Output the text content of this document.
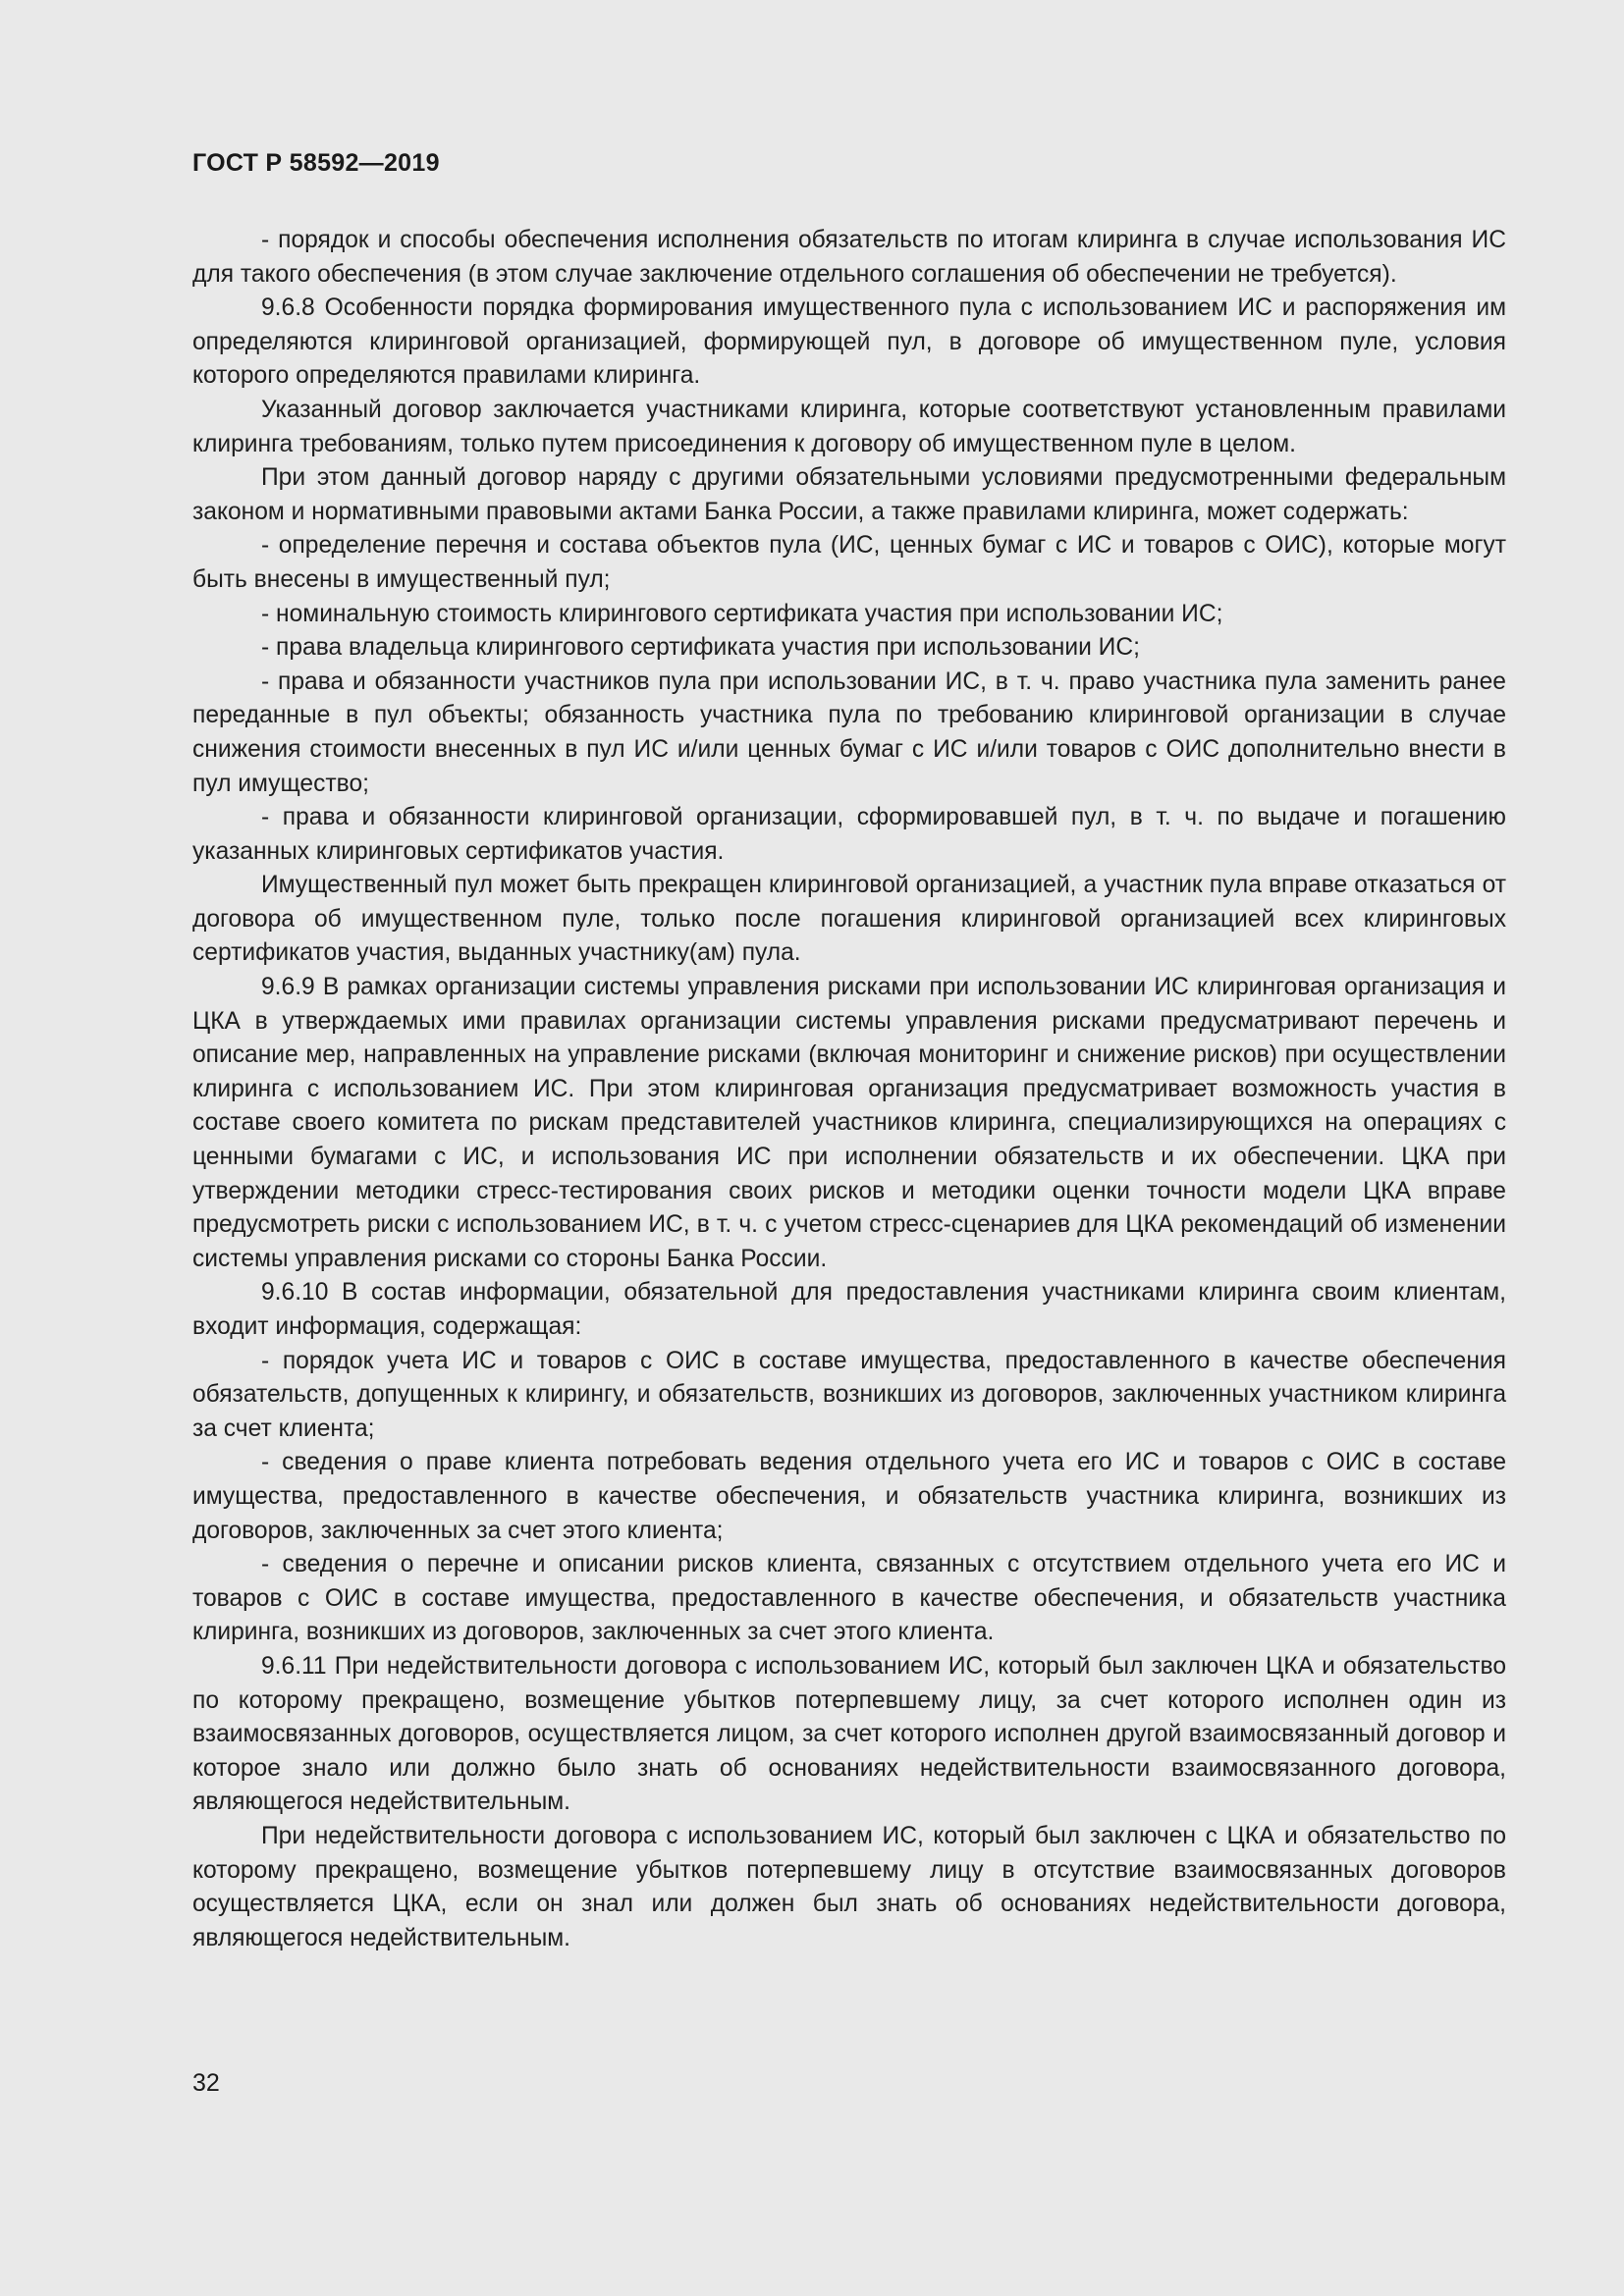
ГОСТ Р 58592—2019

- порядок и способы обеспечения исполнения обязательств по итогам клиринга в случае использования ИС для такого обеспечения (в этом случае заключение отдельного соглашения об обеспечении не требуется).

9.6.8 Особенности порядка формирования имущественного пула с использованием ИС и распоряжения им определяются клиринговой организацией, формирующей пул, в договоре об имущественном пуле, условия которого определяются правилами клиринга.

Указанный договор заключается участниками клиринга, которые соответствуют установленным правилами клиринга требованиям, только путем присоединения к договору об имущественном пуле в целом.

При этом данный договор наряду с другими обязательными условиями предусмотренными федеральным законом и нормативными правовыми актами Банка России, а также правилами клиринга, может содержать:

- определение перечня и состава объектов пула (ИС, ценных бумаг с ИС и товаров с ОИС), которые могут быть внесены в имущественный пул;

- номинальную стоимость клирингового сертификата участия при использовании ИС;

- права владельца клирингового сертификата участия при использовании ИС;

- права и обязанности участников пула при использовании ИС, в т. ч. право участника пула заменить ранее переданные в пул объекты; обязанность участника пула по требованию клиринговой организации в случае снижения стоимости внесенных в пул ИС и/или ценных бумаг с ИС и/или товаров с ОИС дополнительно внести в пул имущество;

- права и обязанности клиринговой организации, сформировавшей пул, в т. ч. по выдаче и погашению указанных клиринговых сертификатов участия.

Имущественный пул может быть прекращен клиринговой организацией, а участник пула вправе отказаться от договора об имущественном пуле, только после погашения клиринговой организацией всех клиринговых сертификатов участия, выданных участнику(ам) пула.

9.6.9 В рамках организации системы управления рисками при использовании ИС клиринговая организация и ЦКА в утверждаемых ими правилах организации системы управления рисками предусматривают перечень и описание мер, направленных на управление рисками (включая мониторинг и снижение рисков) при осуществлении клиринга с использованием ИС. При этом клиринговая организация предусматривает возможность участия в составе своего комитета по рискам представителей участников клиринга, специализирующихся на операциях с ценными бумагами с ИС, и использования ИС при исполнении обязательств и их обеспечении. ЦКА при утверждении методики стресс-тестирования своих рисков и методики оценки точности модели ЦКА вправе предусмотреть риски с использованием ИС, в т. ч. с учетом стресс-сценариев для ЦКА рекомендаций об изменении системы управления рисками со стороны Банка России.

9.6.10 В состав информации, обязательной для предоставления участниками клиринга своим клиентам, входит информация, содержащая:

- порядок учета ИС и товаров с ОИС в составе имущества, предоставленного в качестве обеспечения обязательств, допущенных к клирингу, и обязательств, возникших из договоров, заключенных участником клиринга за счет клиента;

- сведения о праве клиента потребовать ведения отдельного учета его ИС и товаров с ОИС в составе имущества, предоставленного в качестве обеспечения, и обязательств участника клиринга, возникших из договоров, заключенных за счет этого клиента;

- сведения о перечне и описании рисков клиента, связанных с отсутствием отдельного учета его ИС и товаров с ОИС в составе имущества, предоставленного в качестве обеспечения, и обязательств участника клиринга, возникших из договоров, заключенных за счет этого клиента.

9.6.11 При недействительности договора с использованием ИС, который был заключен ЦКА и обязательство по которому прекращено, возмещение убытков потерпевшему лицу, за счет которого исполнен один из взаимосвязанных договоров, осуществляется лицом, за счет которого исполнен другой взаимосвязанный договор и которое знало или должно было знать об основаниях недействительности взаимосвязанного договора, являющегося недействительным.

При недействительности договора с использованием ИС, который был заключен с ЦКА и обязательство по которому прекращено, возмещение убытков потерпевшему лицу в отсутствие взаимосвязанных договоров осуществляется ЦКА, если он знал или должен был знать об основаниях недействительности договора, являющегося недействительным.

32
